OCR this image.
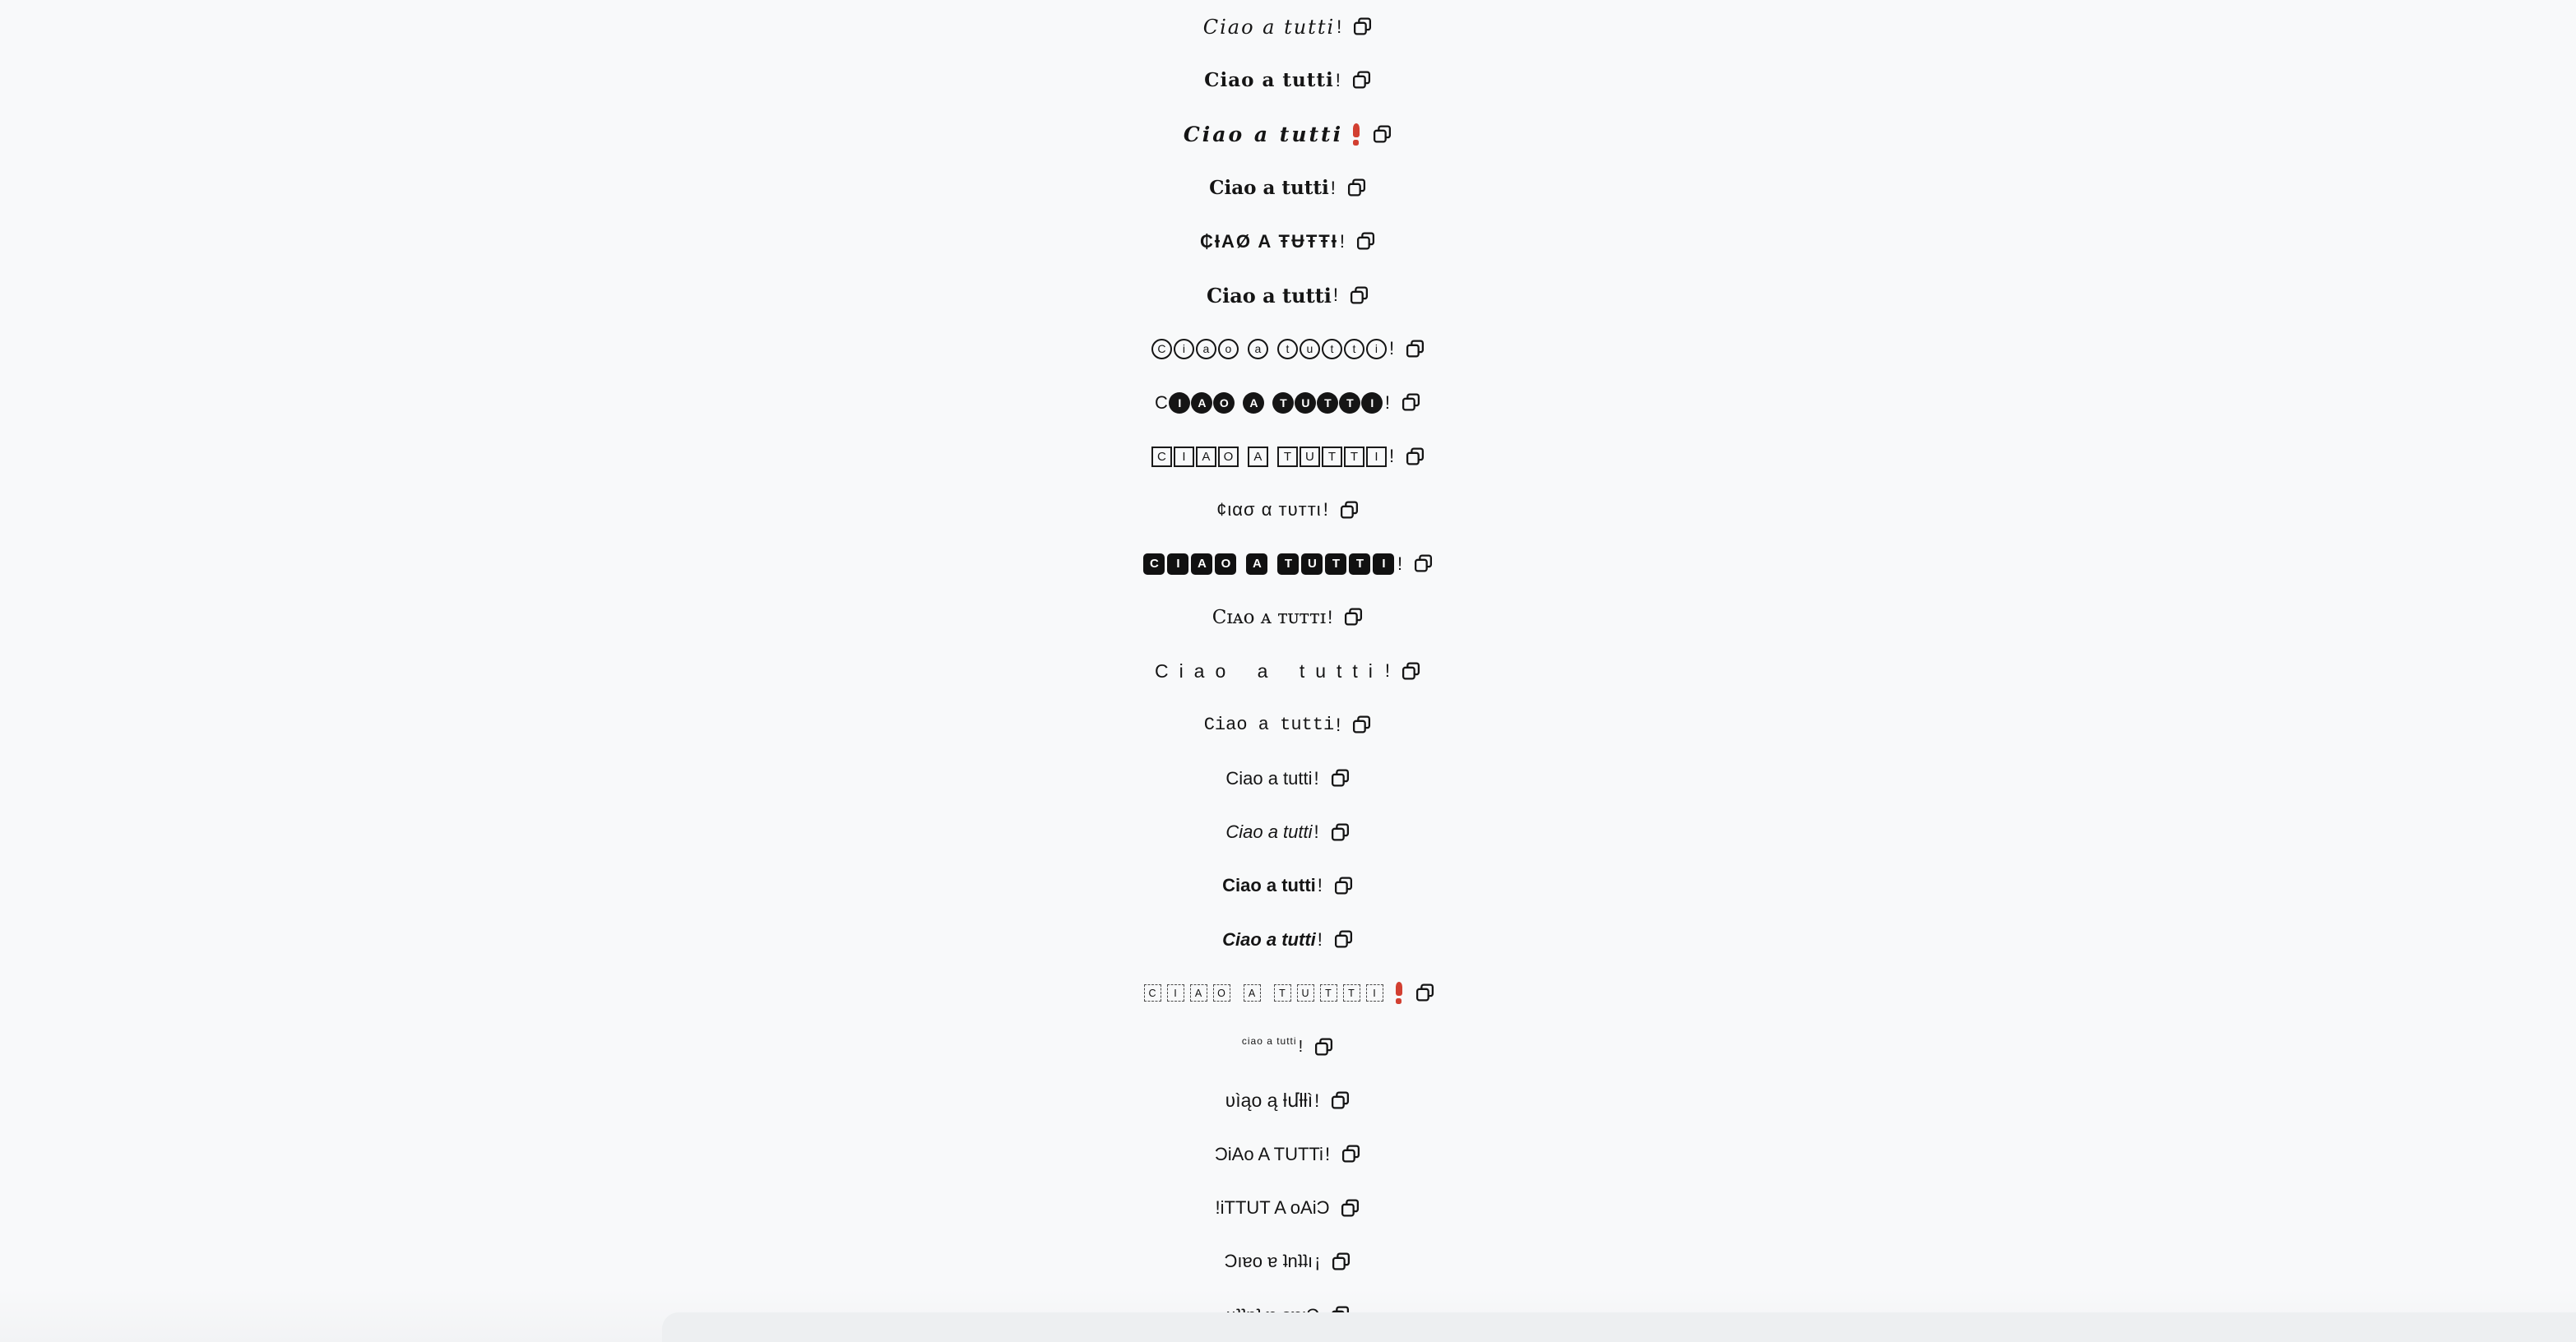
Ciao a tutti !
Ciao a tutti !
Ciao a tutti
Ciao a tutti !
₵ƗAØ A ŦɄŦŦƗ !
Ciao a tutti !
C	i	a	o	a	t	u	t	t	i !
C I	A	O	A	T	U	T	T	I !
C	I	A	O	A	T	U	T	T	I !
¢ιασ α тυттι !
C	I	A	O	A	T	U	T	T	I !
Cɪᴀᴏ ᴀ ᴛᴜᴛᴛɪ !
Ciao a tutti !
Ciao a tutti !
Ciao a tutti !
Ciao a tutti !
Ciao a tutti !
Ciao a tutti !
C	I	A	O	A	T	U	T	T	I
ciao a tutti !
ʋìąo ą ƚմƚƚì !
ƆiAo A TUTTi !
!iTTUT A oAiƆ
Ɔıɐo ɐ ʇnʇʇı ¡
